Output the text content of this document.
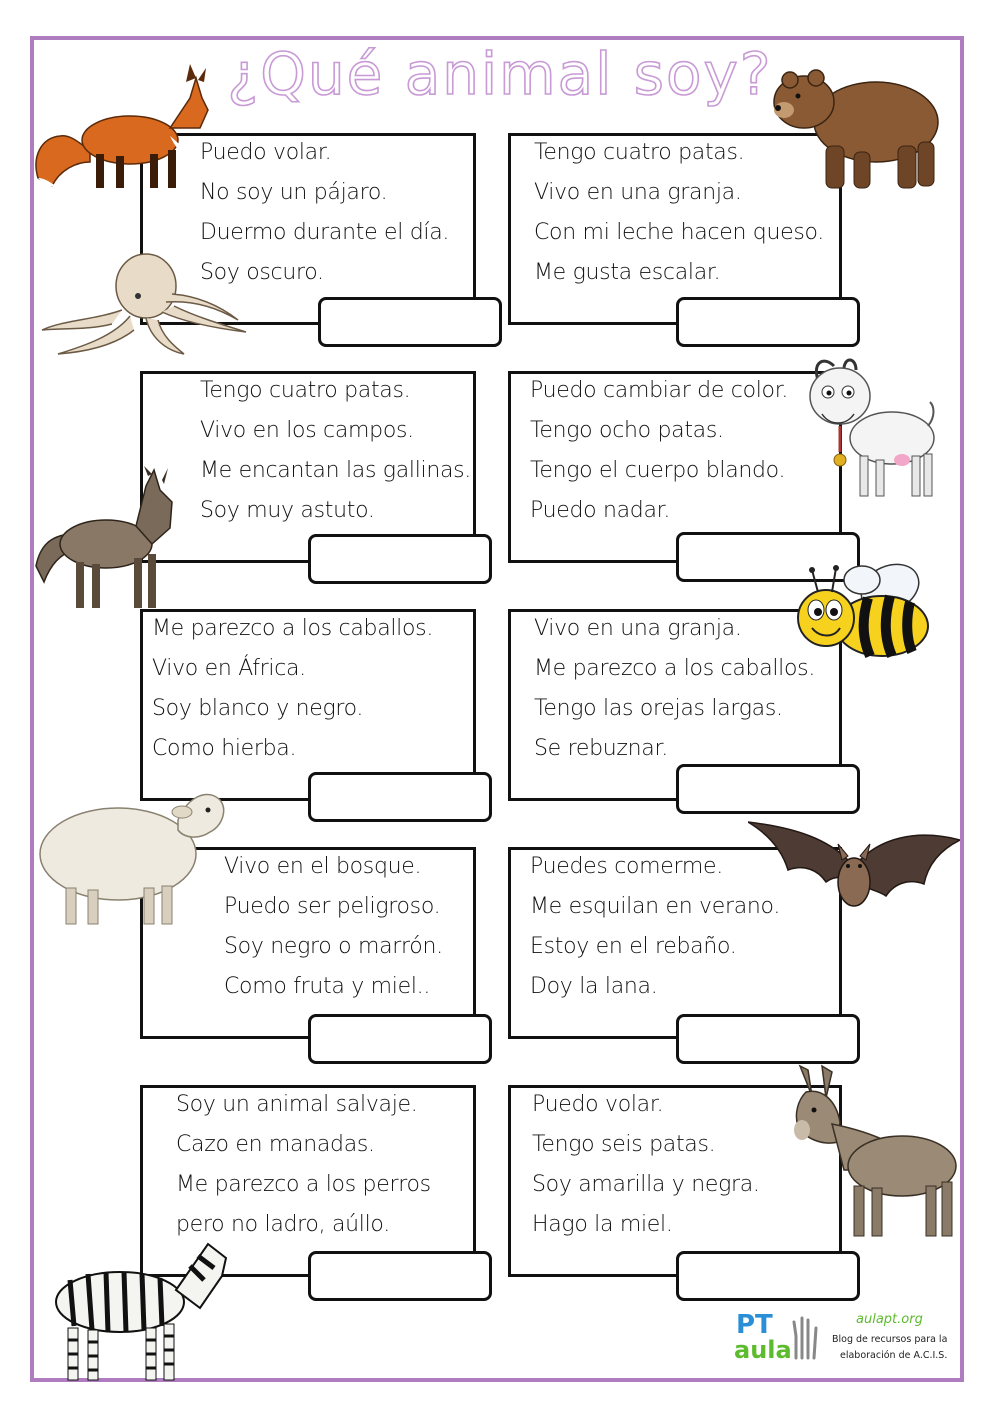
¿Qué animal soy?
Puedo volar.
No soy un pájaro.
Duermo durante el día.
Soy oscuro.
Tengo cuatro patas.
Vivo en una granja.
Con mi leche hacen queso.
Me gusta escalar.
Tengo cuatro patas.
Vivo en los campos.
Me encantan las gallinas.
Soy muy astuto.
Puedo cambiar de color.
Tengo ocho patas.
Tengo el cuerpo blando.
Puedo nadar.
Me parezco a los caballos.
Vivo en África.
Soy blanco y negro.
Como hierba.
Vivo en una granja.
Me parezco a los caballos.
Tengo las orejas largas.
Se rebuznar.
Vivo en el bosque.
Puedo ser peligroso.
Soy negro o marrón.
Como fruta y miel..
Puedes comerme.
Me esquilan en verano.
Estoy en el rebaño.
Doy la lana.
Soy un animal salvaje.
Cazo en manadas.
Me parezco a los perros
pero no ladro, aúllo.
Puedo volar.
Tengo seis patas.
Soy amarilla y negra.
Hago la miel.
PT
aula
aulapt.org
Blog de recursos para la
elaboración de A.C.I.S.
